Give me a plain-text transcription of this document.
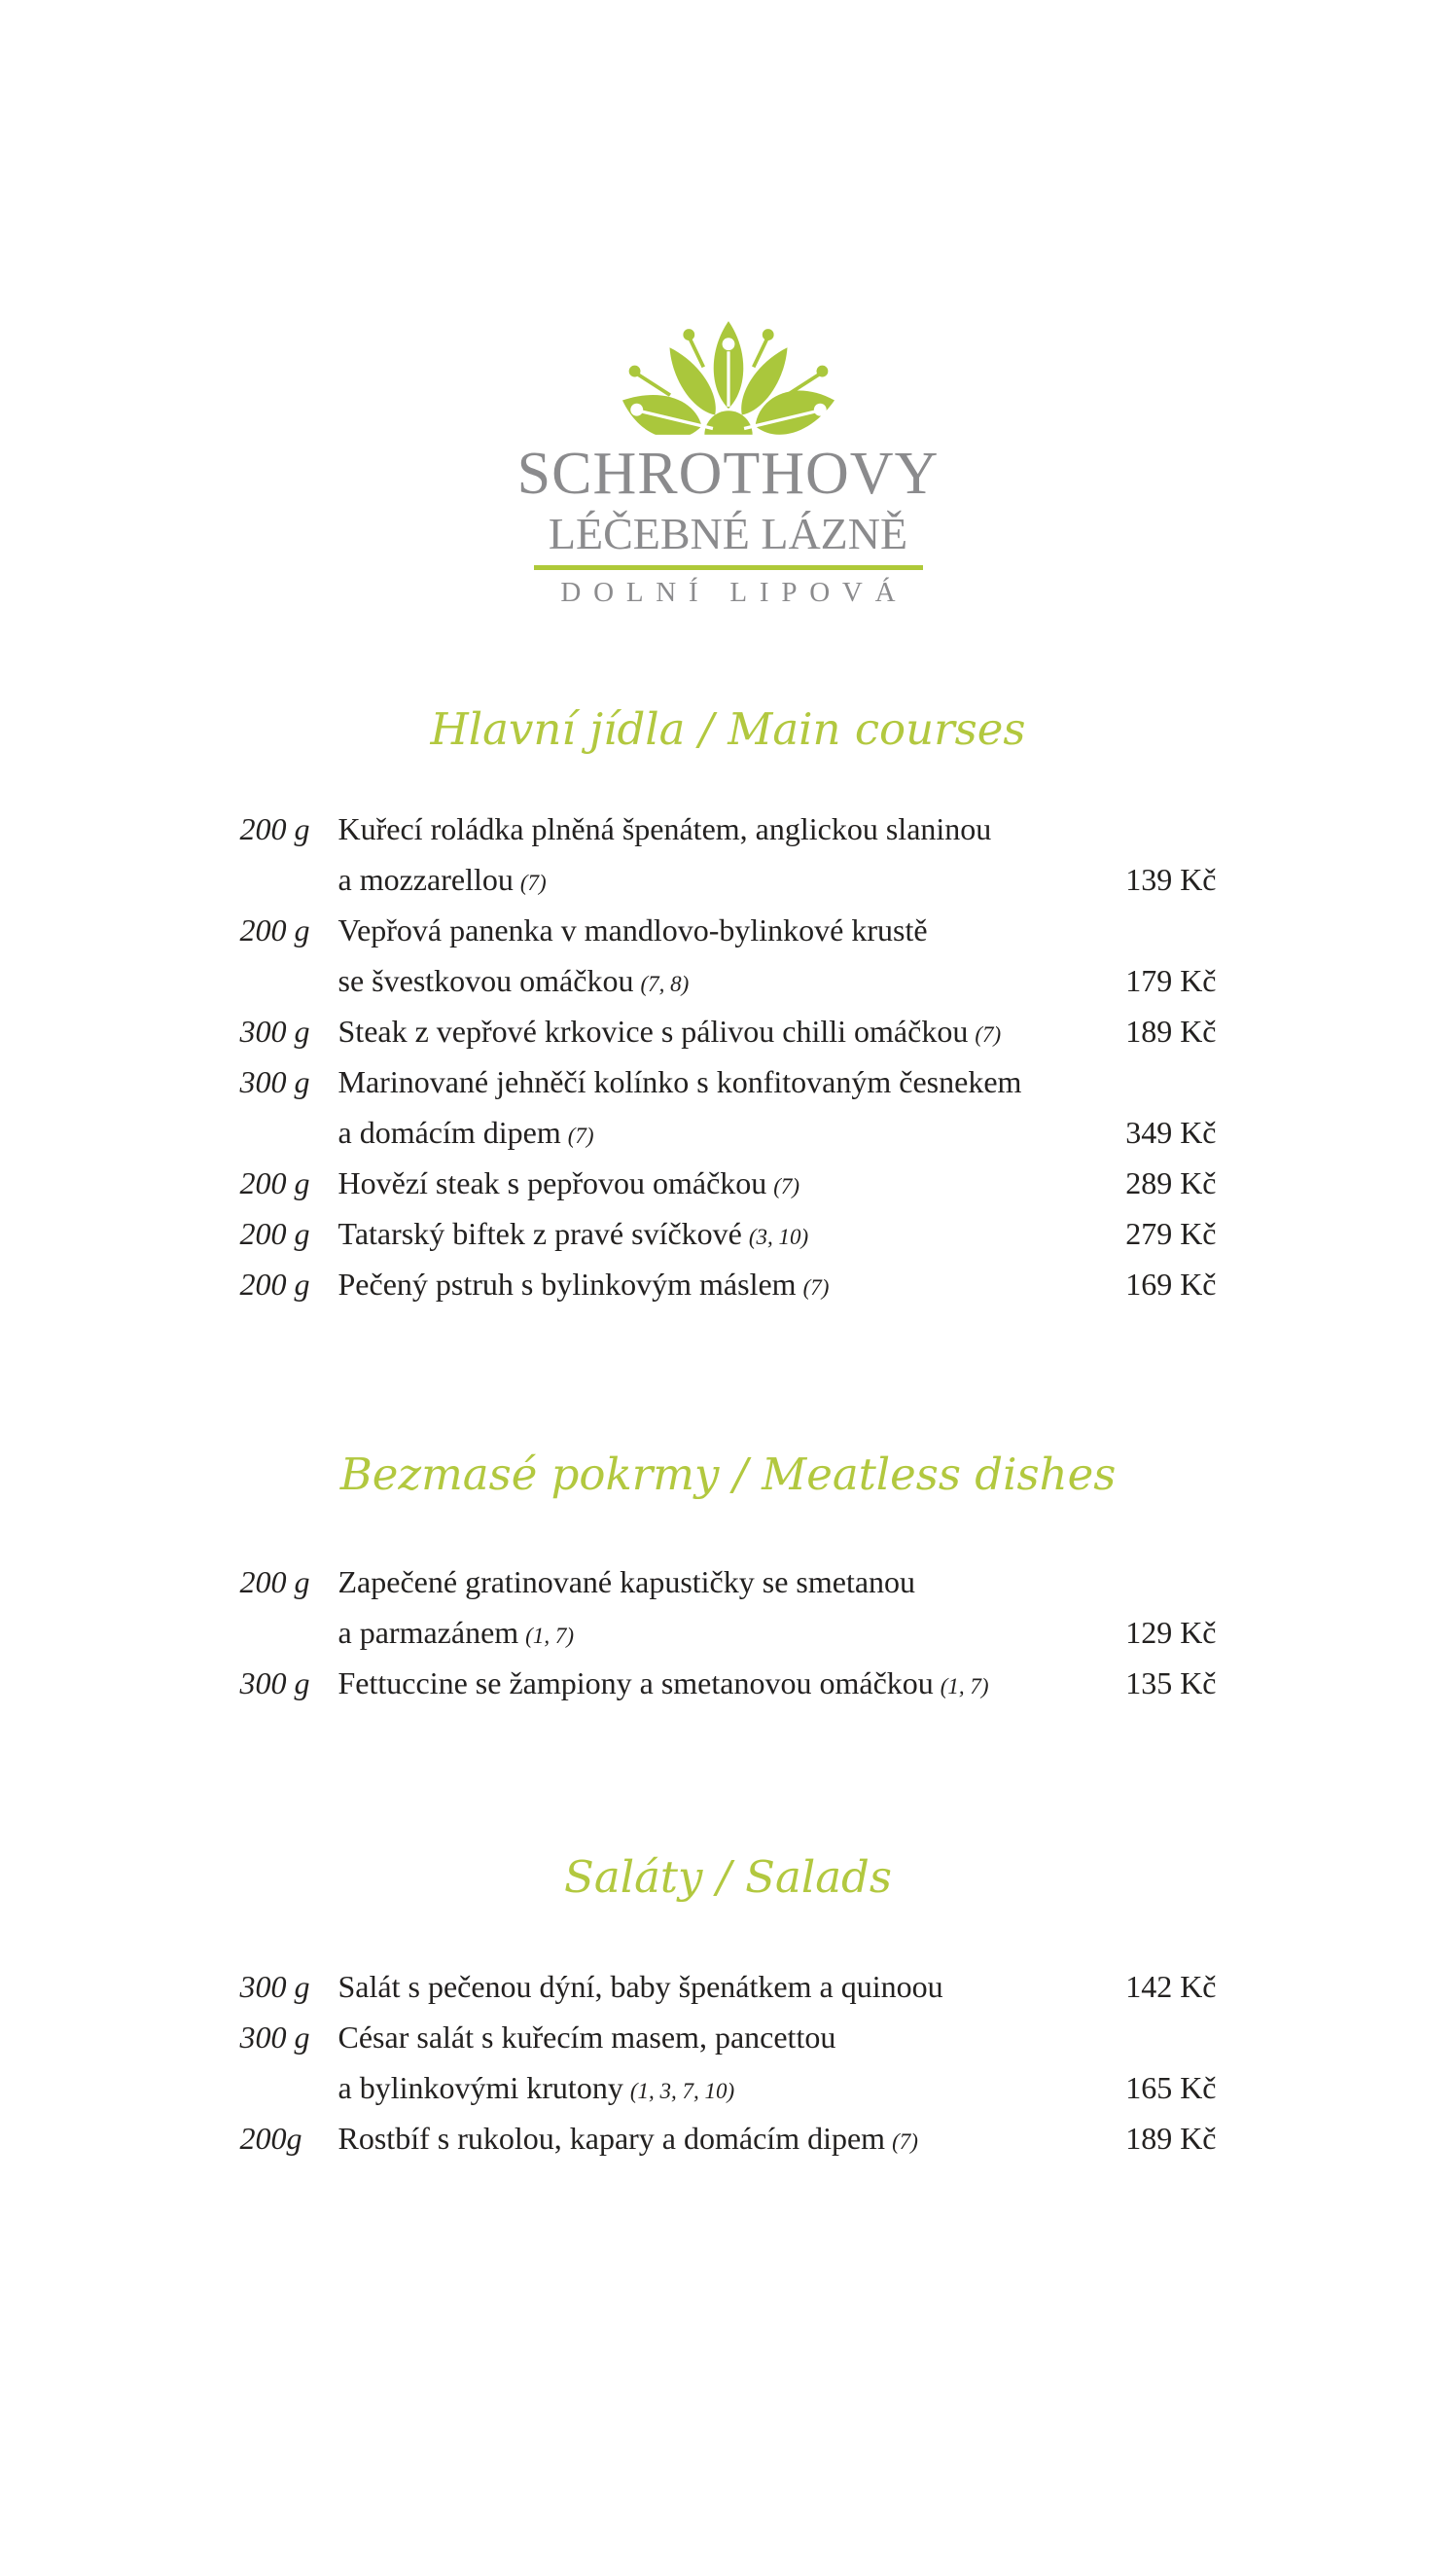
SCHROTHOVY
LÉČEBNÉ LÁZNĚ
DOLNÍ LIPOVÁ
Hlavní jídla / Main courses
200 g Kuřecí roládka plněná špenátem, anglickou slaninou
a mozzarellou (7)	139 Kč
200 g Vepřová panenka v mandlovo-bylinkové krustě
se švestkovou omáčkou (7, 8)	179 Kč
300 g Steak z vepřové krkovice s pálivou chilli omáčkou (7)	189 Kč
300 g Marinované jehněčí kolínko s konfitovaným česnekem
a domácím dipem (7)	349 Kč
200 g Hovězí steak s pepřovou omáčkou (7)	289 Kč
200 g Tatarský biftek z pravé svíčkové (3, 10)	279 Kč
200 g Pečený pstruh s bylinkovým máslem (7)	169 Kč
Bezmasé pokrmy / Meatless dishes
200 g Zapečené gratinované kapustičky se smetanou
a parmazánem (1, 7)	129 Kč
300 g Fettuccine se žampiony a smetanovou omáčkou (1, 7)	135 Kč
Saláty / Salads
300 g Salát s pečenou dýní, baby špenátkem a quinoou	142 Kč
300 g César salát s kuřecím masem, pancettou
a bylinkovými krutony (1, 3, 7, 10)	165 Kč
200g	Rostbíf s rukolou, kapary a domácím dipem (7)	189 Kč
